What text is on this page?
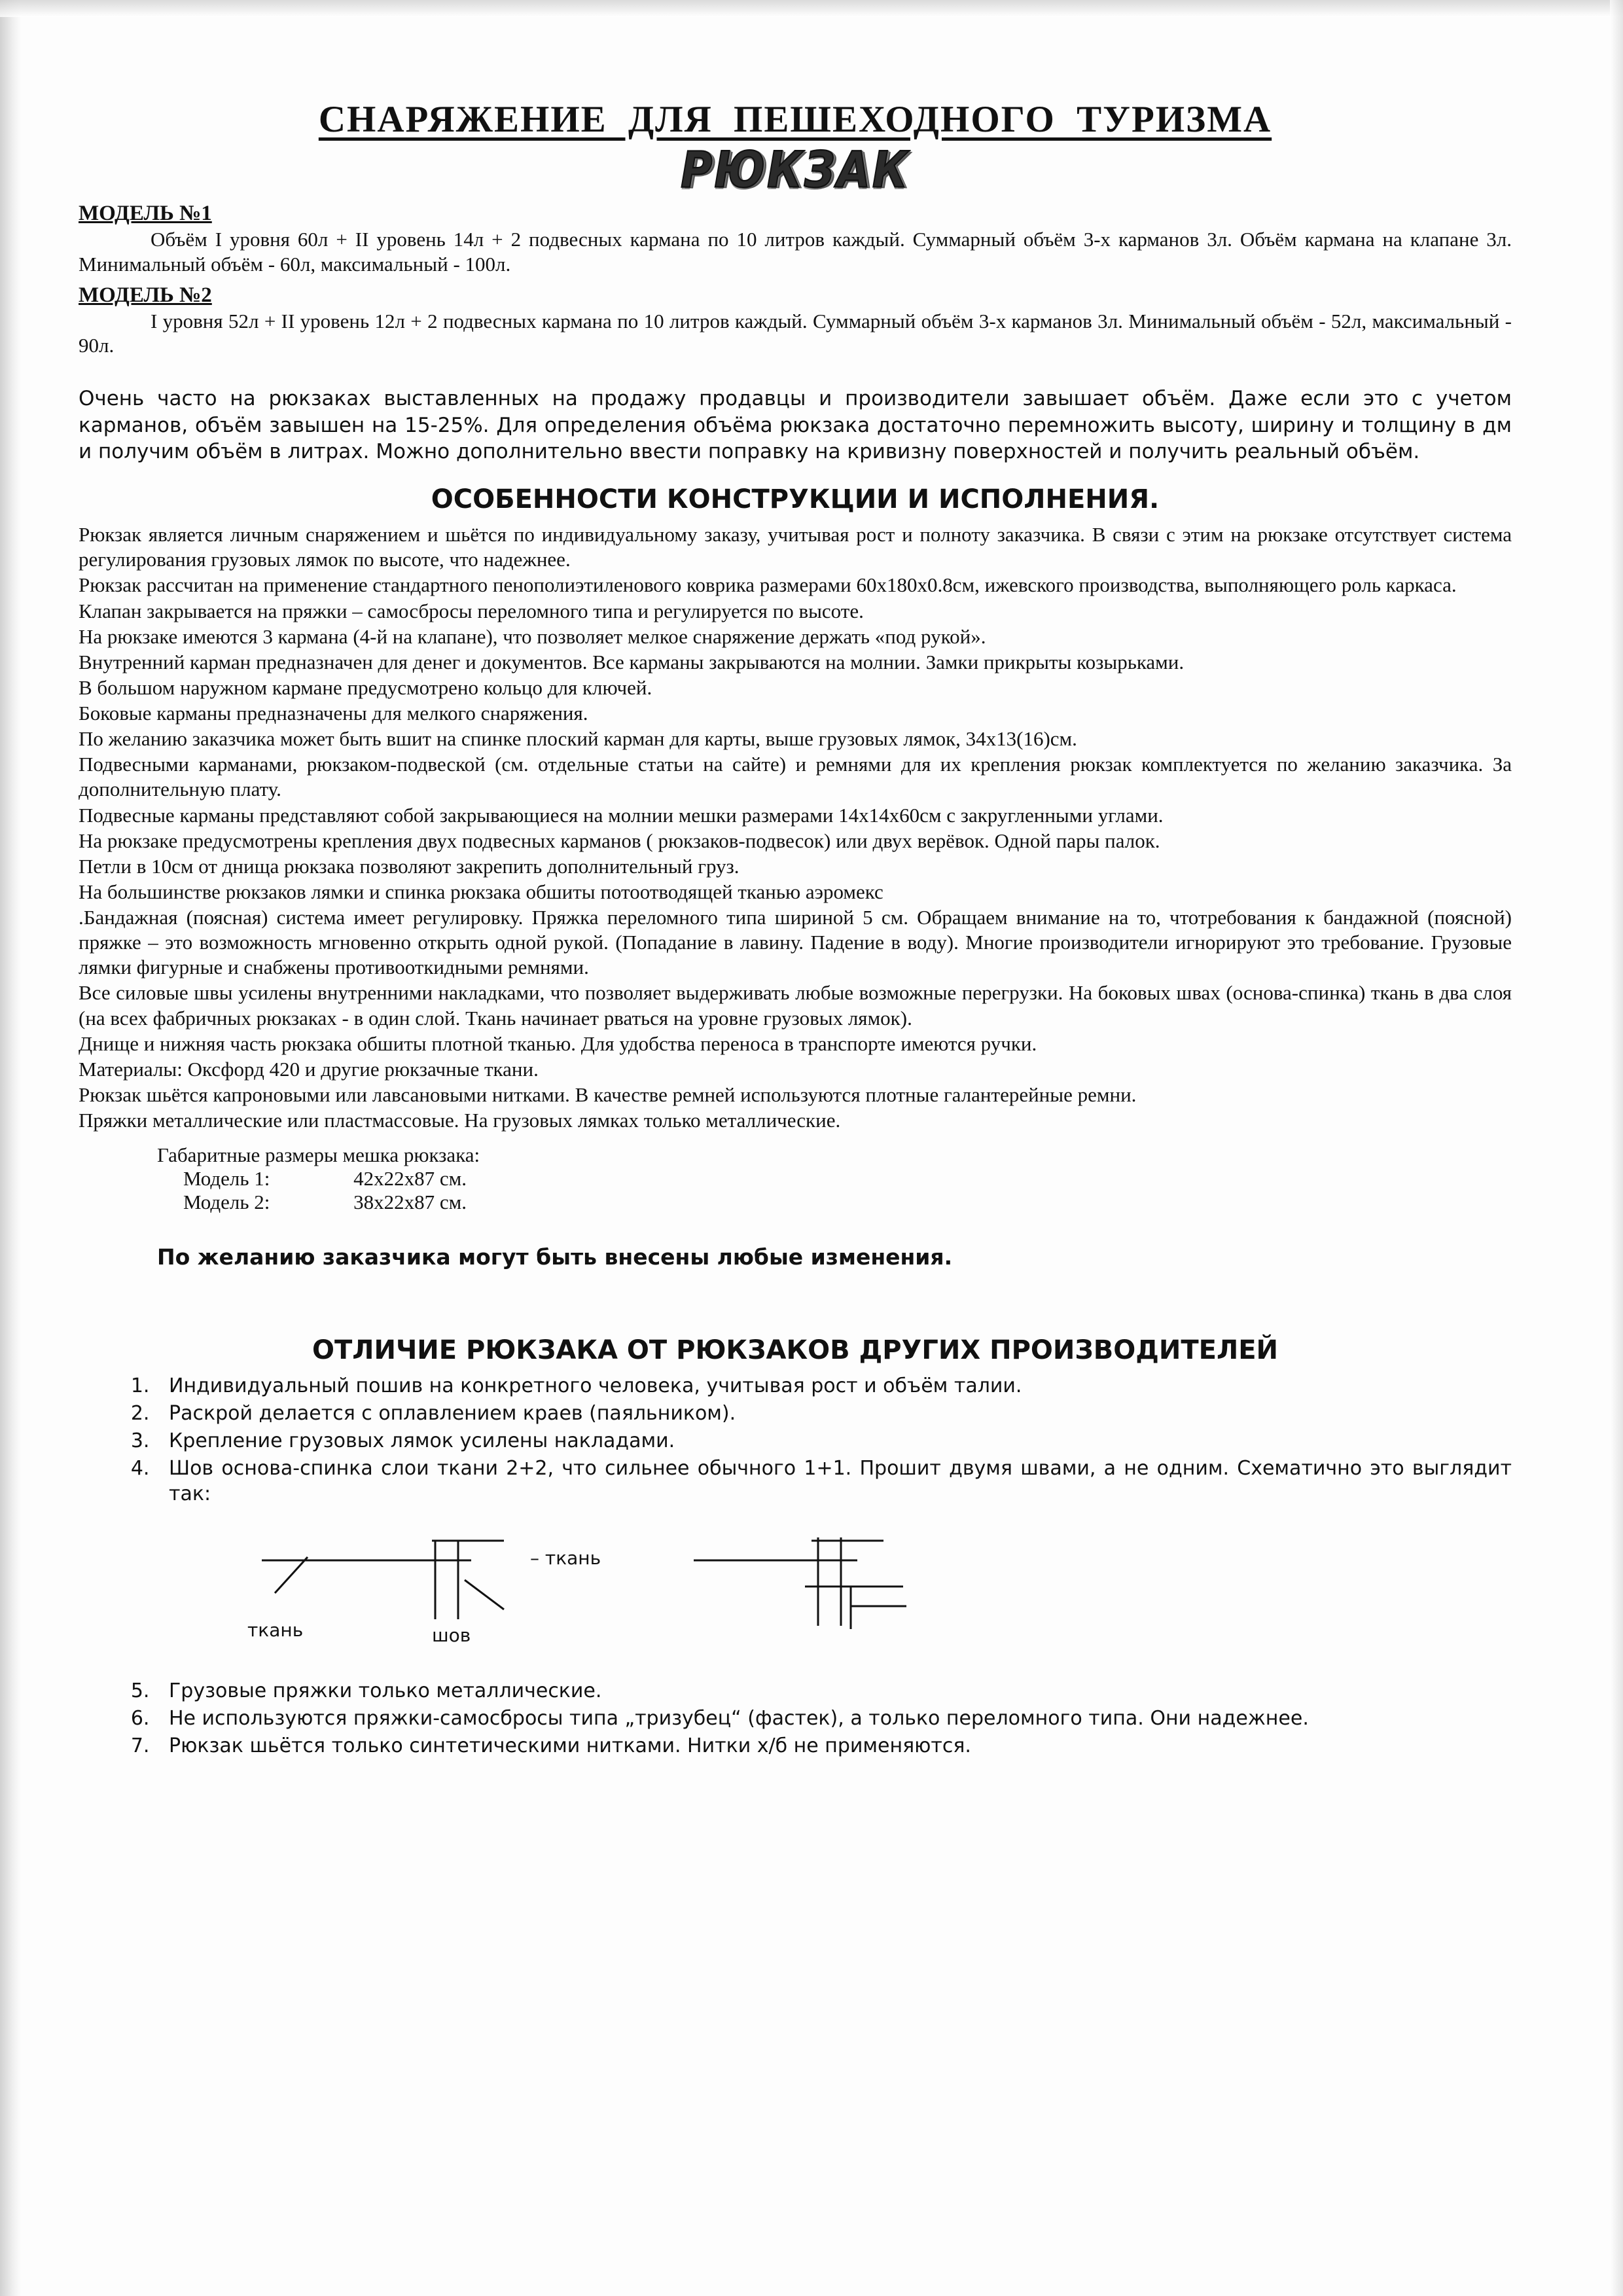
СНАРЯЖЕНИЕ ДЛЯ ПЕШЕХОДНОГО ТУРИЗМА
РЮКЗАК
МОДЕЛЬ №1

Объём I уровня 60л + II уровень 14л + 2 подвесных кармана по 10 литров каждый. Суммарный объём 3-х карманов 3л. Объём кармана на клапане 3л. Минимальный объём - 60л, максимальный - 100л.

МОДЕЛЬ №2

I уровня 52л + II уровень 12л + 2 подвесных кармана по 10 литров каждый. Суммарный объём 3-х карманов 3л. Минимальный объём - 52л, максимальный - 90л.

Очень часто на рюкзаках выставленных на продажу продавцы и производители завышает объём. Даже если это с учетом карманов, объём завышен на 15-25%. Для определения объёма рюкзака достаточно перемножить высоту, ширину и толщину в дм и получим объём в литрах. Можно дополнительно ввести поправку на кривизну поверхностей и получить реальный объём.
ОСОБЕННОСТИ КОНСТРУКЦИИ И ИСПОЛНЕНИЯ.

Рюкзак является личным снаряжением и шьётся по индивидуальному заказу, учитывая рост и полноту заказчика. В связи с этим на рюкзаке отсутствует система регулирования грузовых лямок по высоте, что надежнее.

Рюкзак рассчитан на применение стандартного пенополиэтиленового коврика размерами 60х180х0.8см, ижевского производства, выполняющего роль каркаса.

Клапан закрывается на пряжки – самосбросы переломного типа и регулируется по высоте.

На рюкзаке имеются 3 кармана (4-й на клапане), что позволяет мелкое снаряжение держать «под рукой».

Внутренний карман предназначен для денег и документов. Все карманы закрываются на молнии. Замки прикрыты козырьками.

В большом наружном кармане предусмотрено кольцо для ключей.

Боковые карманы предназначены для мелкого снаряжения.

По желанию заказчика может быть вшит на спинке плоский карман для карты, выше грузовых лямок, 34х13(16)см.

Подвесными карманами, рюкзаком-подвеской (см. отдельные статьи на сайте) и ремнями для их крепления рюкзак комплектуется по желанию заказчика. За дополнительную плату.

Подвесные карманы представляют собой закрывающиеся на молнии мешки размерами 14х14х60см с закругленными углами.

На рюкзаке предусмотрены крепления двух подвесных карманов ( рюкзаков-подвесок) или двух верёвок. Одной пары палок.

Петли в 10см от днища рюкзака позволяют закрепить дополнительный груз.

На большинстве рюкзаков лямки и спинка рюкзака обшиты потоотводящей тканью аэромекс

.Бандажная (поясная) система имеет регулировку. Пряжка переломного типа шириной 5 см. Обращаем внимание на то, чтотребования к бандажной (поясной) пряжке – это возможность мгновенно открыть одной рукой. (Попадание в лавину. Падение в воду). Многие производители игнорируют это требование. Грузовые лямки фигурные и снабжены противооткидными ремнями.

Все силовые швы усилены внутренними накладками, что позволяет выдерживать любые возможные перегрузки. На боковых швах (основа-спинка) ткань в два слоя (на всех фабричных рюкзаках - в один слой. Ткань начинает рваться на уровне грузовых лямок).

Днище и нижняя часть рюкзака обшиты плотной тканью. Для удобства переноса в транспорте имеются ручки.

Материалы: Оксфорд 420 и другие рюкзачные ткани.

Рюкзак шьётся капроновыми или лавсановыми нитками. В качестве ремней используются плотные галантерейные ремни.

Пряжки металлические или пластмассовые. На грузовых лямках только металлические.

Габаритные размеры мешка рюкзака:
Модель 1:	42х22х87 см.
Модель 2:	38х22х87 см.
По желанию заказчика могут быть внесены любые изменения.
ОТЛИЧИЕ РЮКЗАКА ОТ РЮКЗАКОВ ДРУГИХ ПРОИЗВОДИТЕЛЕЙ
1. Индивидуальный пошив на конкретного человека, учитывая рост и объём талии.
2. Раскрой делается с оплавлением краев (паяльником).
3. Крепление грузовых лямок усилены накладами.
4. Шов основа-спинка слои ткани 2+2, что сильнее обычного 1+1. Прошит двумя швами, а не одним. Схематично это выглядит так:
– ткань
ткань	шов
5. Грузовые пряжки только металлические.
6. Не используются пряжки-самосбросы типа „тризубец“ (фастек), а только переломного типа. Они надежнее.
7. Рюкзак шьётся только синтетическими нитками. Нитки х/б не применяются.
